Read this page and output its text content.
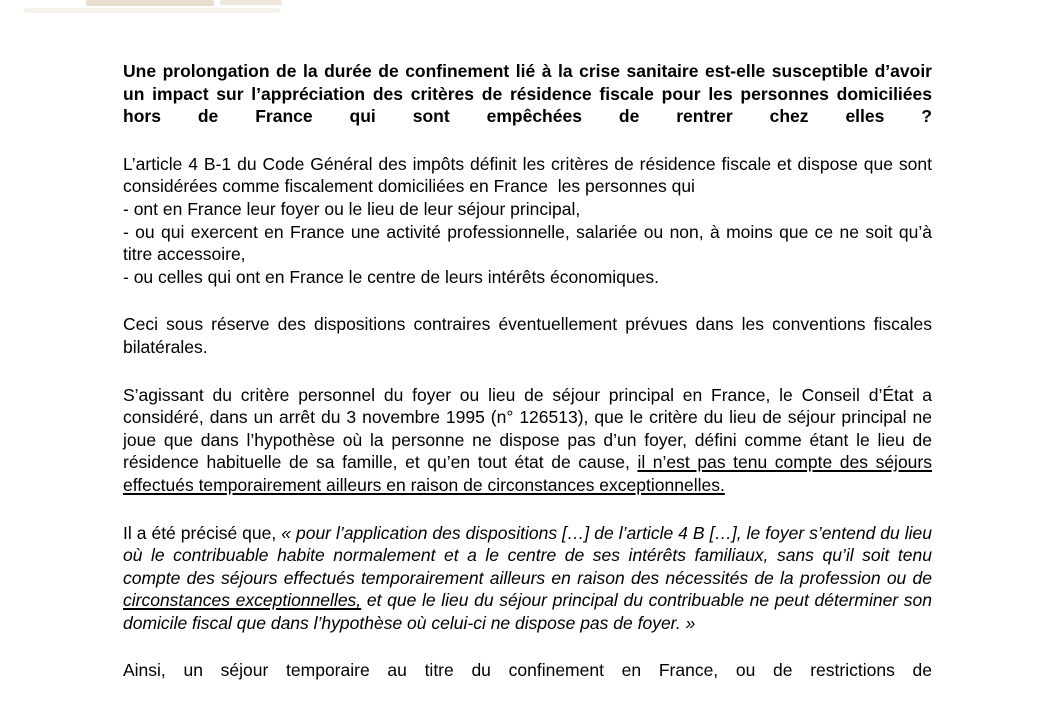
Une prolongation de la durée de confinement lié à la crise sanitaire est-elle susceptible d’avoir un impact sur l’appréciation des critères de résidence fiscale pour les personnes domiciliées hors de France qui sont empêchées de rentrer chez elles ?

L’article 4 B-1 du Code Général des impôts définit les critères de résidence fiscale et dispose que sont considérées comme fiscalement domiciliées en France  les personnes qui
- ont en France leur foyer ou le lieu de leur séjour principal,
- ou qui exercent en France une activité professionnelle, salariée ou non, à moins que ce ne soit qu’à titre accessoire,
- ou celles qui ont en France le centre de leurs intérêts économiques.

Ceci sous réserve des dispositions contraires éventuellement prévues dans les conventions fiscales bilatérales.

S’agissant du critère personnel du foyer ou lieu de séjour principal en France, le Conseil d’État a considéré, dans un arrêt du 3 novembre 1995 (n° 126513), que le critère du lieu de séjour principal ne joue que dans l’hypothèse où la personne ne dispose pas d’un foyer, défini comme étant le lieu de résidence habituelle de sa famille, et qu’en tout état de cause, il n’est pas tenu compte des séjours effectués temporairement ailleurs en raison de circonstances exceptionnelles.

Il a été précisé que, « pour l’application des dispositions […] de l’article 4 B […], le foyer s’entend du lieu où le contribuable habite normalement et a le centre de ses intérêts familiaux, sans qu’il soit tenu compte des séjours effectués temporairement ailleurs en raison des nécessités de la profession ou de circonstances exceptionnelles, et que le lieu du séjour principal du contribuable ne peut déterminer son domicile fiscal que dans l’hypothèse où celui-ci ne dispose pas de foyer. »

Ainsi, un séjour temporaire au titre du confinement en France, ou de restrictions de
